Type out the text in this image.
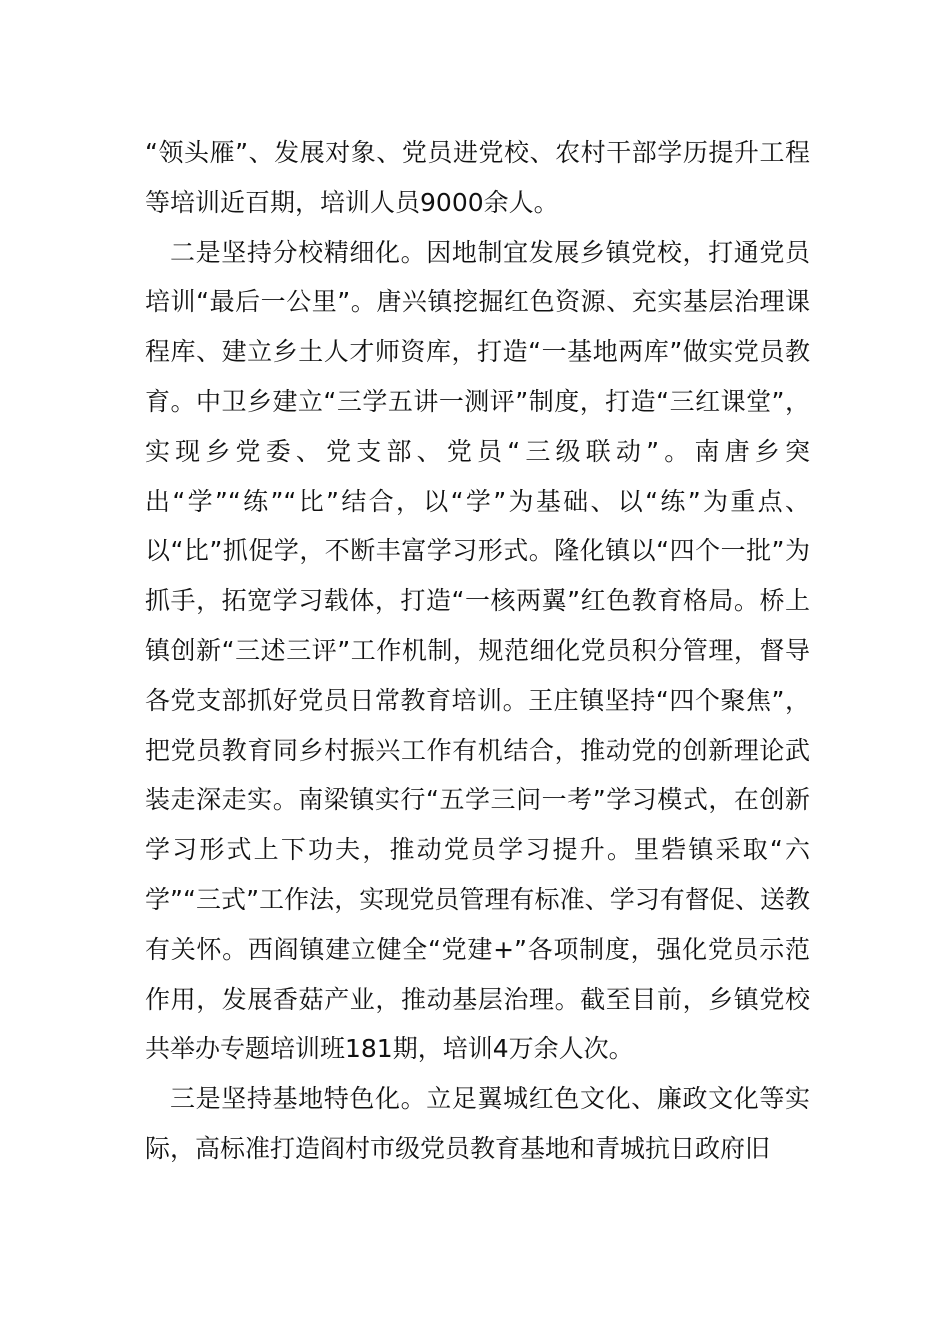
“领头雁”、发展对象、党员进党校、农村干部学历提升工程等培训近百期，培训人员9000余人。

二是坚持分校精细化。因地制宜发展乡镇党校，打通党员培训“最后一公里”。唐兴镇挖掘红色资源、充实基层治理课程库、建立乡土人才师资库，打造“一基地两库”做实党员教育。中卫乡建立“三学五讲一测评”制度，打造“三红课堂”，实现乡党委、党支部、党员“三级联动”。南唐乡突出“学”“练”“比”结合，以“学”为基础、以“练”为重点、以“比”抓促学，不断丰富学习形式。隆化镇以“四个一批”为抓手，拓宽学习载体，打造“一核两翼”红色教育格局。桥上镇创新“三述三评”工作机制，规范细化党员积分管理，督导各党支部抓好党员日常教育培训。王庄镇坚持“四个聚焦”，把党员教育同乡村振兴工作有机结合，推动党的创新理论武装走深走实。南梁镇实行“五学三问一考”学习模式，在创新学习形式上下功夫，推动党员学习提升。里砦镇采取“六学”“三式”工作法，实现党员管理有标准、学习有督促、送教有关怀。西阎镇建立健全“党建+”各项制度，强化党员示范作用，发展香菇产业，推动基层治理。截至目前，乡镇党校共举办专题培训班181期，培训4万余人次。

三是坚持基地特色化。立足翼城红色文化、廉政文化等实际，高标准打造阎村市级党员教育基地和青城抗日政府旧
